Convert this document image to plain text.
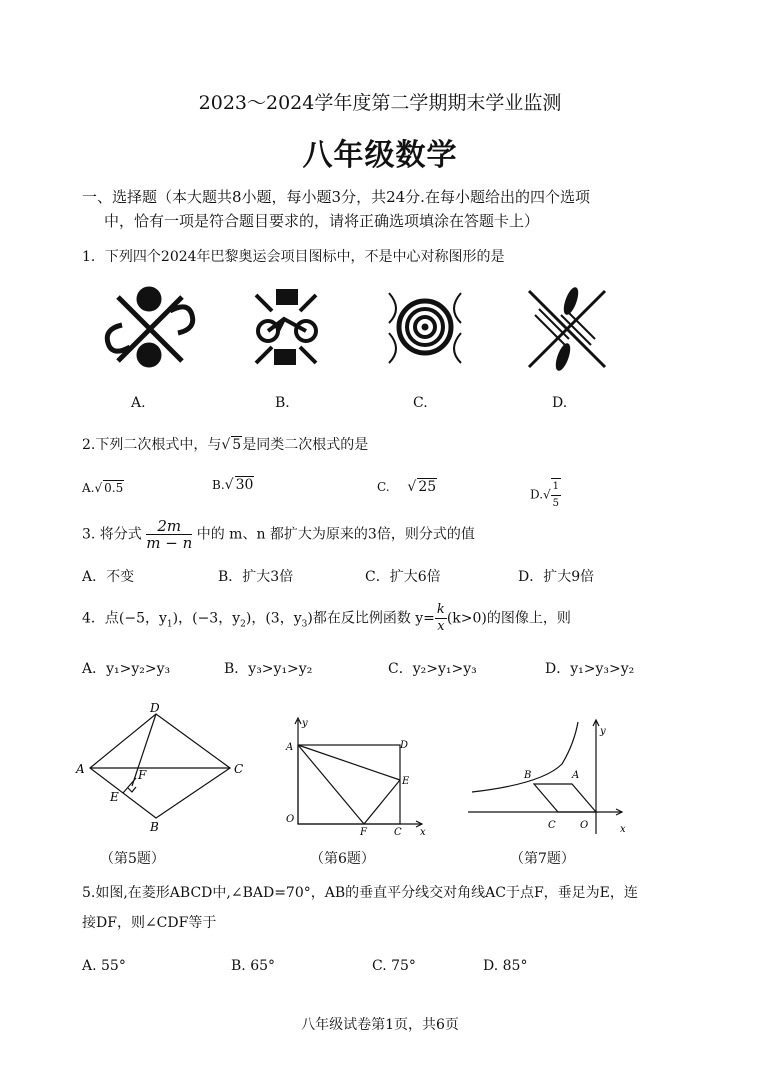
2023～2024学年度第二学期期末学业监测
八年级数学
一、选择题（本大题共8小题，每小题3分，共24分.在每小题给出的四个选项
中，恰有一项是符合题目要求的，请将正确选项填涂在答题卡上）
1．下列四个2024年巴黎奥运会项目图标中，不是中心对称图形的是
A.	B.	C.	D.
2.下列二次根式中，与√ 5是同类二次根式的是
A.√ 0.5	B.√ 30	C.    √ 25	$D.√ \frac{1}{5}$
3. 将分式 $\frac{2m}{m - n}$ 中的 m、n 都扩大为原来的3倍，则分式的值
A．不变	B．扩大3倍	C．扩大6倍	D．扩大9倍
4．点(−5，$y_1$)，(−3，$y_2$)，(3，$y_3$)都在反比例函数 $y= \frac{k}{x} (k>0)$的图像上，则
A．y₁>y₂>y₃	B．y₃>y₁>y₂	C．y₂>y₁>y₃	D．y₁>y₃>y₂
D
A	F	C
E
B
y
A	D
E
O
F	C x
y
B	A
C O	x
（第5题）	（第6题）	（第7题）
5.如图,在菱形ABCD中,∠BAD=70°，AB的垂直平分线交对角线AC于点F，垂足为E，连
接DF，则∠CDF等于
A. 55°	B. 65°	C. 75°	D. 85°
八年级试卷第1页，共6页
